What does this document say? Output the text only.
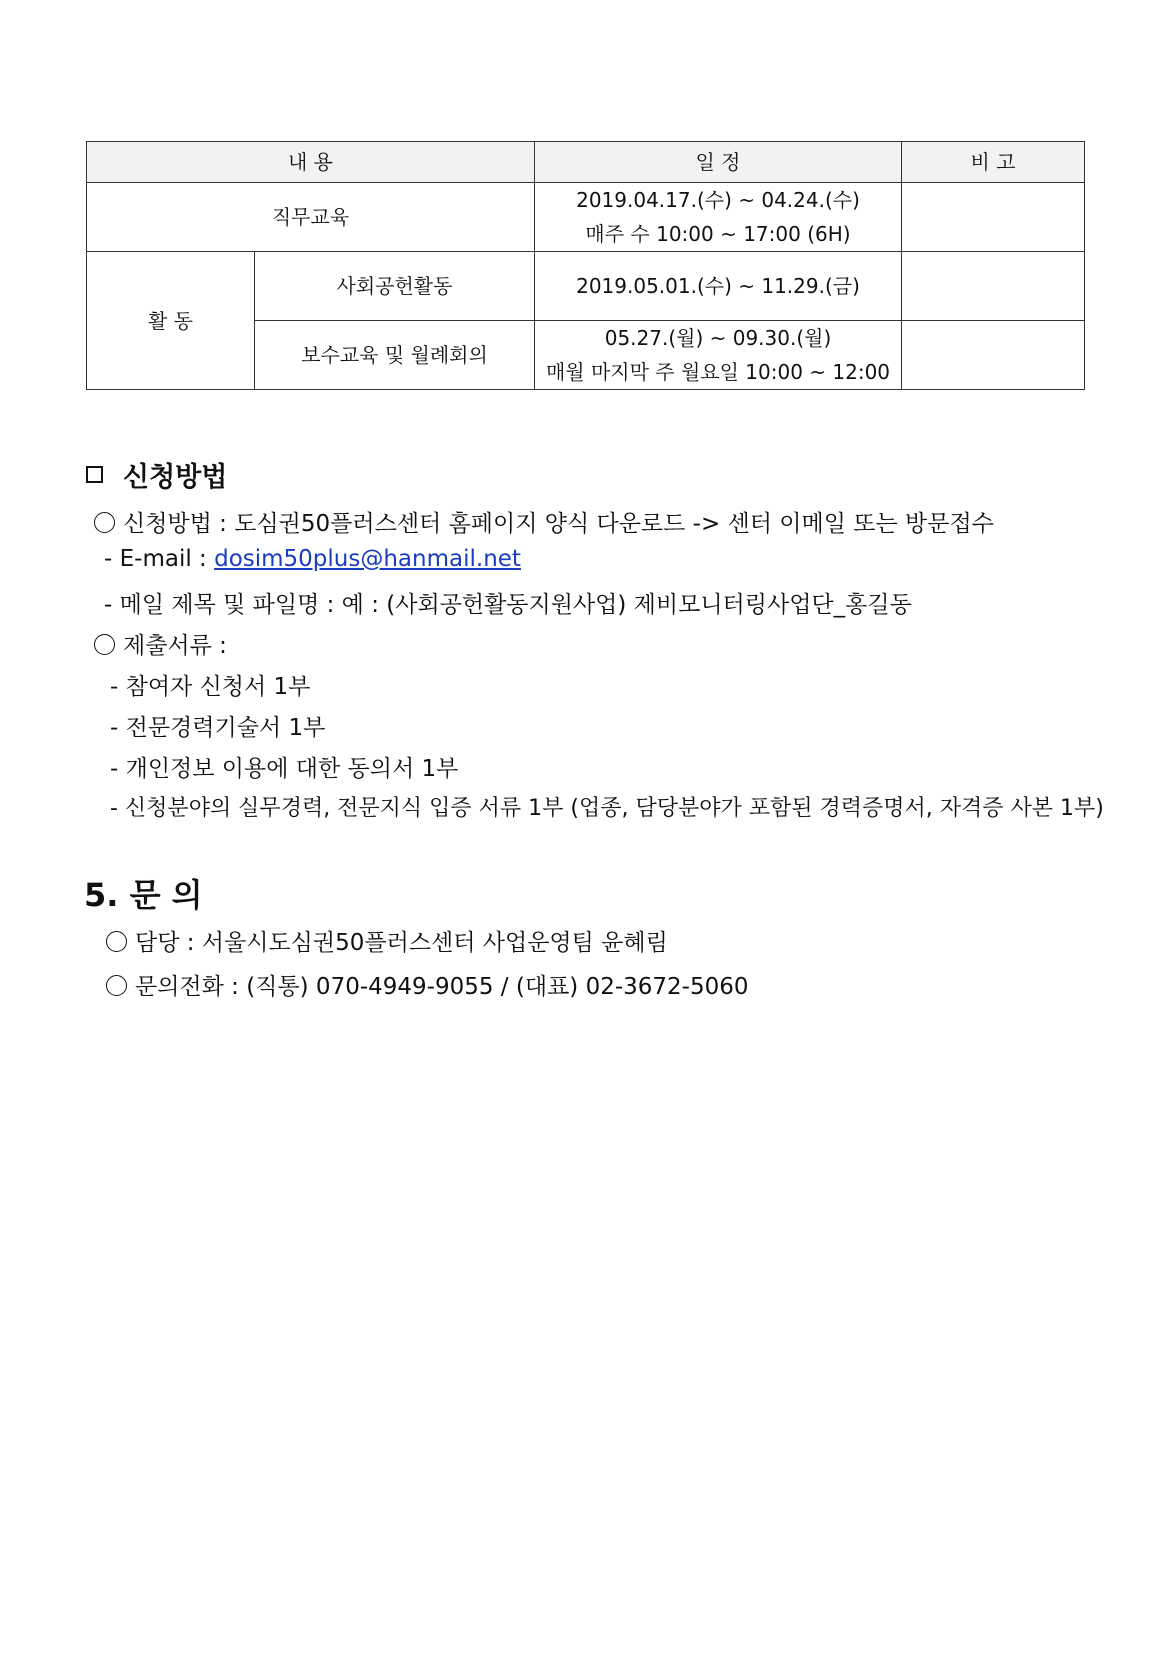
내 용		일 정	비 고
직무교육		2019.04.17.(수) ~ 04.24.(수)
매주 수 10:00 ~ 17:00 (6H)	

활 동	사회공헌활동	2019.05.01.(수) ~ 11.29.(금)	

	보수교육 및 월례회의	05.27.(월) ~ 09.30.(월)
매월 마지막 주 월요일 10:00 ~ 12:00	

신청방법
신청방법 : 도심권50플러스센터 홈페이지 양식 다운로드 -> 센터 이메일 또는 방문접수
- E-mail : dosim50plus@hanmail.net
- 메일 제목 및 파일명 : 예 : (사회공헌활동지원사업) 제비모니터링사업단_홍길동
제출서류 :
- 참여자 신청서 1부
- 전문경력기술서 1부
- 개인정보 이용에 대한 동의서 1부
- 신청분야의 실무경력, 전문지식 입증 서류 1부 (업종, 담당분야가 포함된 경력증명서, 자격증 사본 1부)
5. 문 의
담당 : 서울시도심권50플러스센터 사업운영팀 윤혜림
문의전화 : (직통) 070-4949-9055 / (대표) 02-3672-5060
